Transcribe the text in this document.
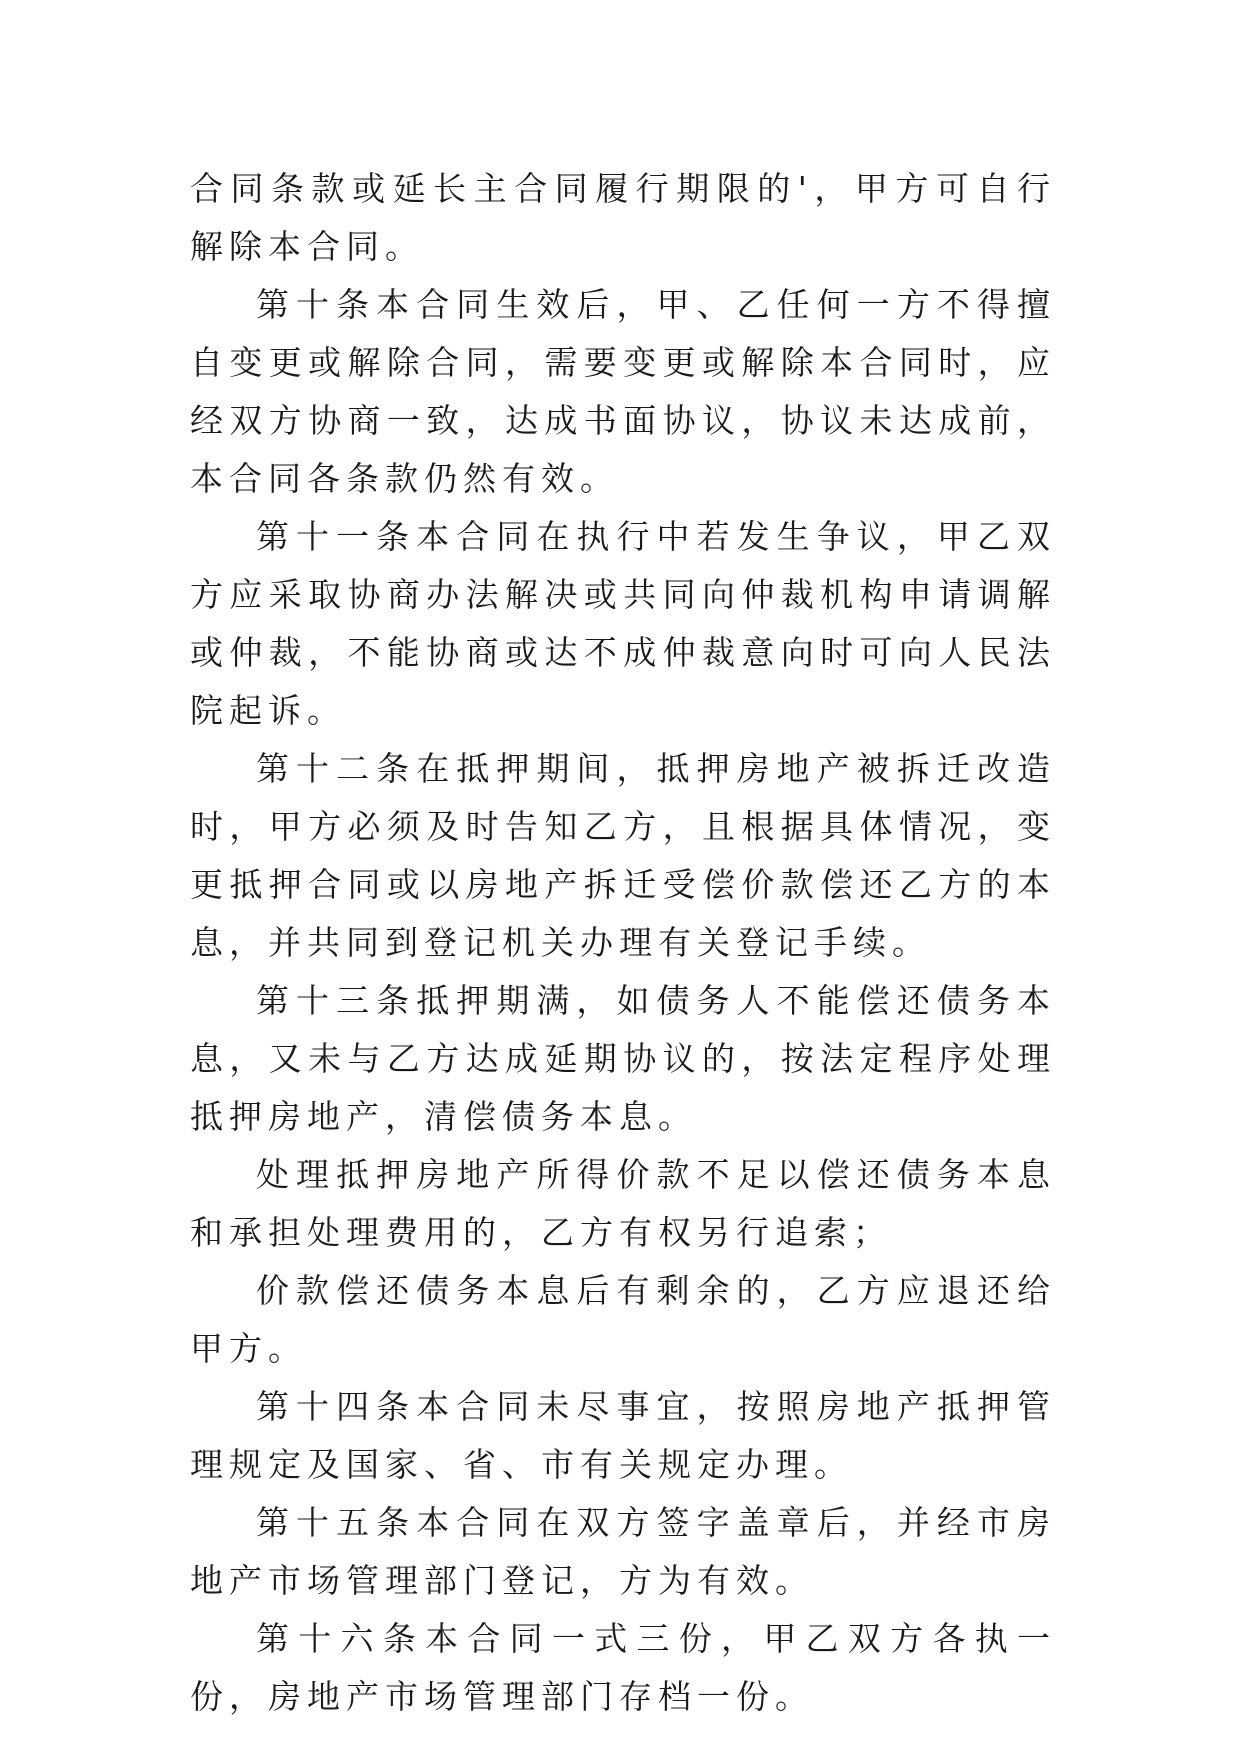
合同条款或延长主合同履行期限的'，甲方可自行解除本合同。

第十条本合同生效后，甲、乙任何一方不得擅自变更或解除合同，需要变更或解除本合同时，应经双方协商一致，达成书面协议，协议未达成前，本合同各条款仍然有效。

第十一条本合同在执行中若发生争议，甲乙双方应采取协商办法解决或共同向仲裁机构申请调解或仲裁，不能协商或达不成仲裁意向时可向人民法院起诉。

第十二条在抵押期间，抵押房地产被拆迁改造时，甲方必须及时告知乙方，且根据具体情况，变更抵押合同或以房地产拆迁受偿价款偿还乙方的本息，并共同到登记机关办理有关登记手续。

第十三条抵押期满，如债务人不能偿还债务本息，又未与乙方达成延期协议的，按法定程序处理抵押房地产，清偿债务本息。

处理抵押房地产所得价款不足以偿还债务本息和承担处理费用的，乙方有权另行追索；

价款偿还债务本息后有剩余的，乙方应退还给甲方。

第十四条本合同未尽事宜，按照房地产抵押管理规定及国家、省、市有关规定办理。

第十五条本合同在双方签字盖章后，并经市房地产市场管理部门登记，方为有效。

第十六条本合同一式三份，甲乙双方各执一份，房地产市场管理部门存档一份。
